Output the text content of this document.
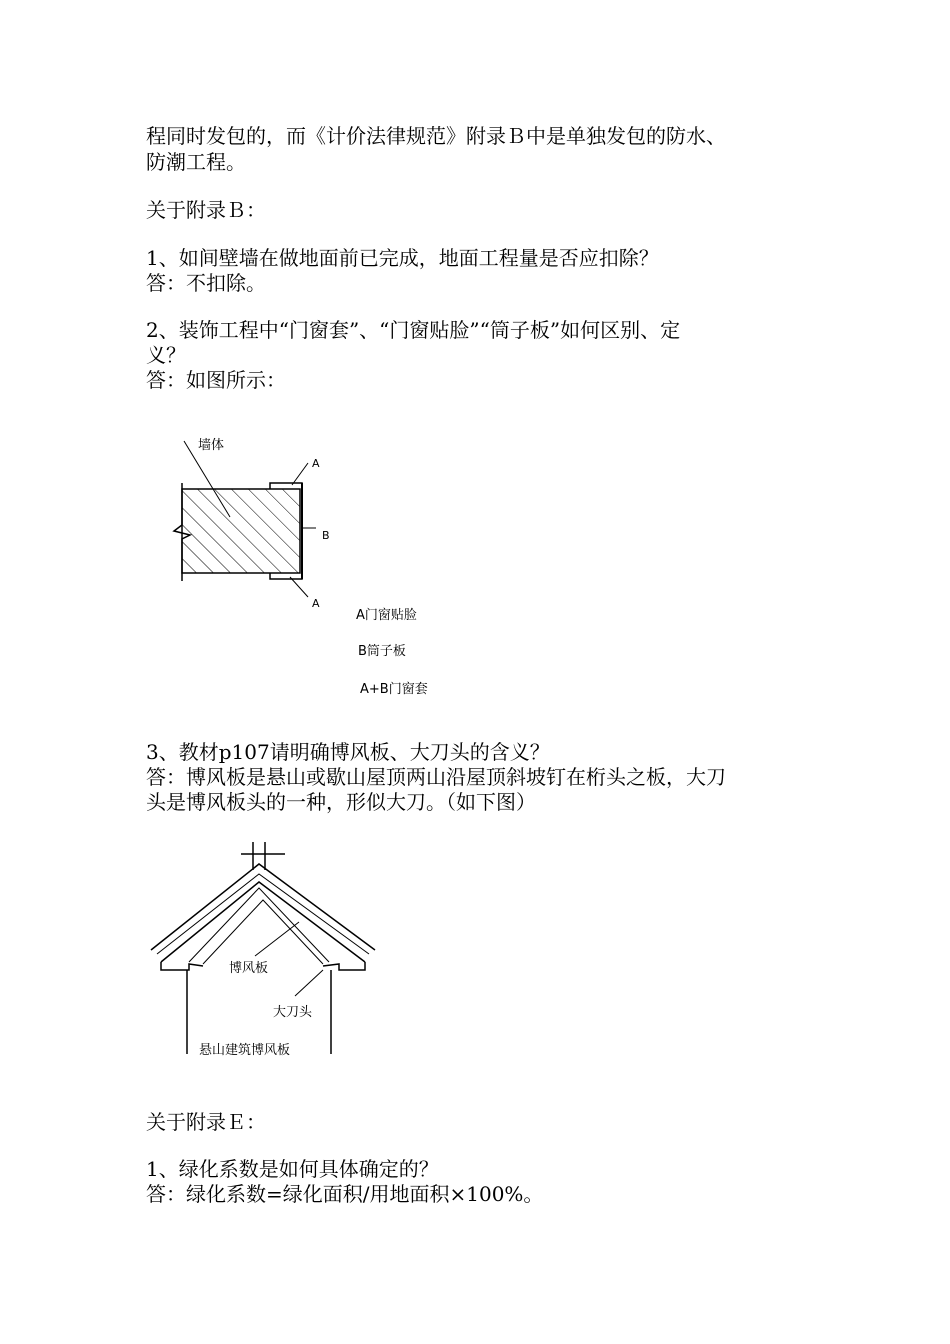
程同时发包的，而《计价法律规范》附录Ｂ中是单独发包的防水、
防潮工程。
关于附录Ｂ：
1、如间壁墙在做地面前已完成，地面工程量是否应扣除？
答：不扣除。
2、装饰工程中“门窗套”、“门窗贴脸”“筒子板”如何区别、定
义？
答：如图所示：
墙体
A
B
A
A门窗贴脸
B筒子板
A+B门窗套
3、教材p107请明确博风板、大刀头的含义？
答：博风板是悬山或歇山屋顶两山沿屋顶斜坡钉在桁头之板，大刀
头是博风板头的一种，形似大刀。（如下图）
博风板
大刀头
悬山建筑博风板
关于附录Ｅ：
1、绿化系数是如何具体确定的？
答：绿化系数=绿化面积/用地面积×100%。
